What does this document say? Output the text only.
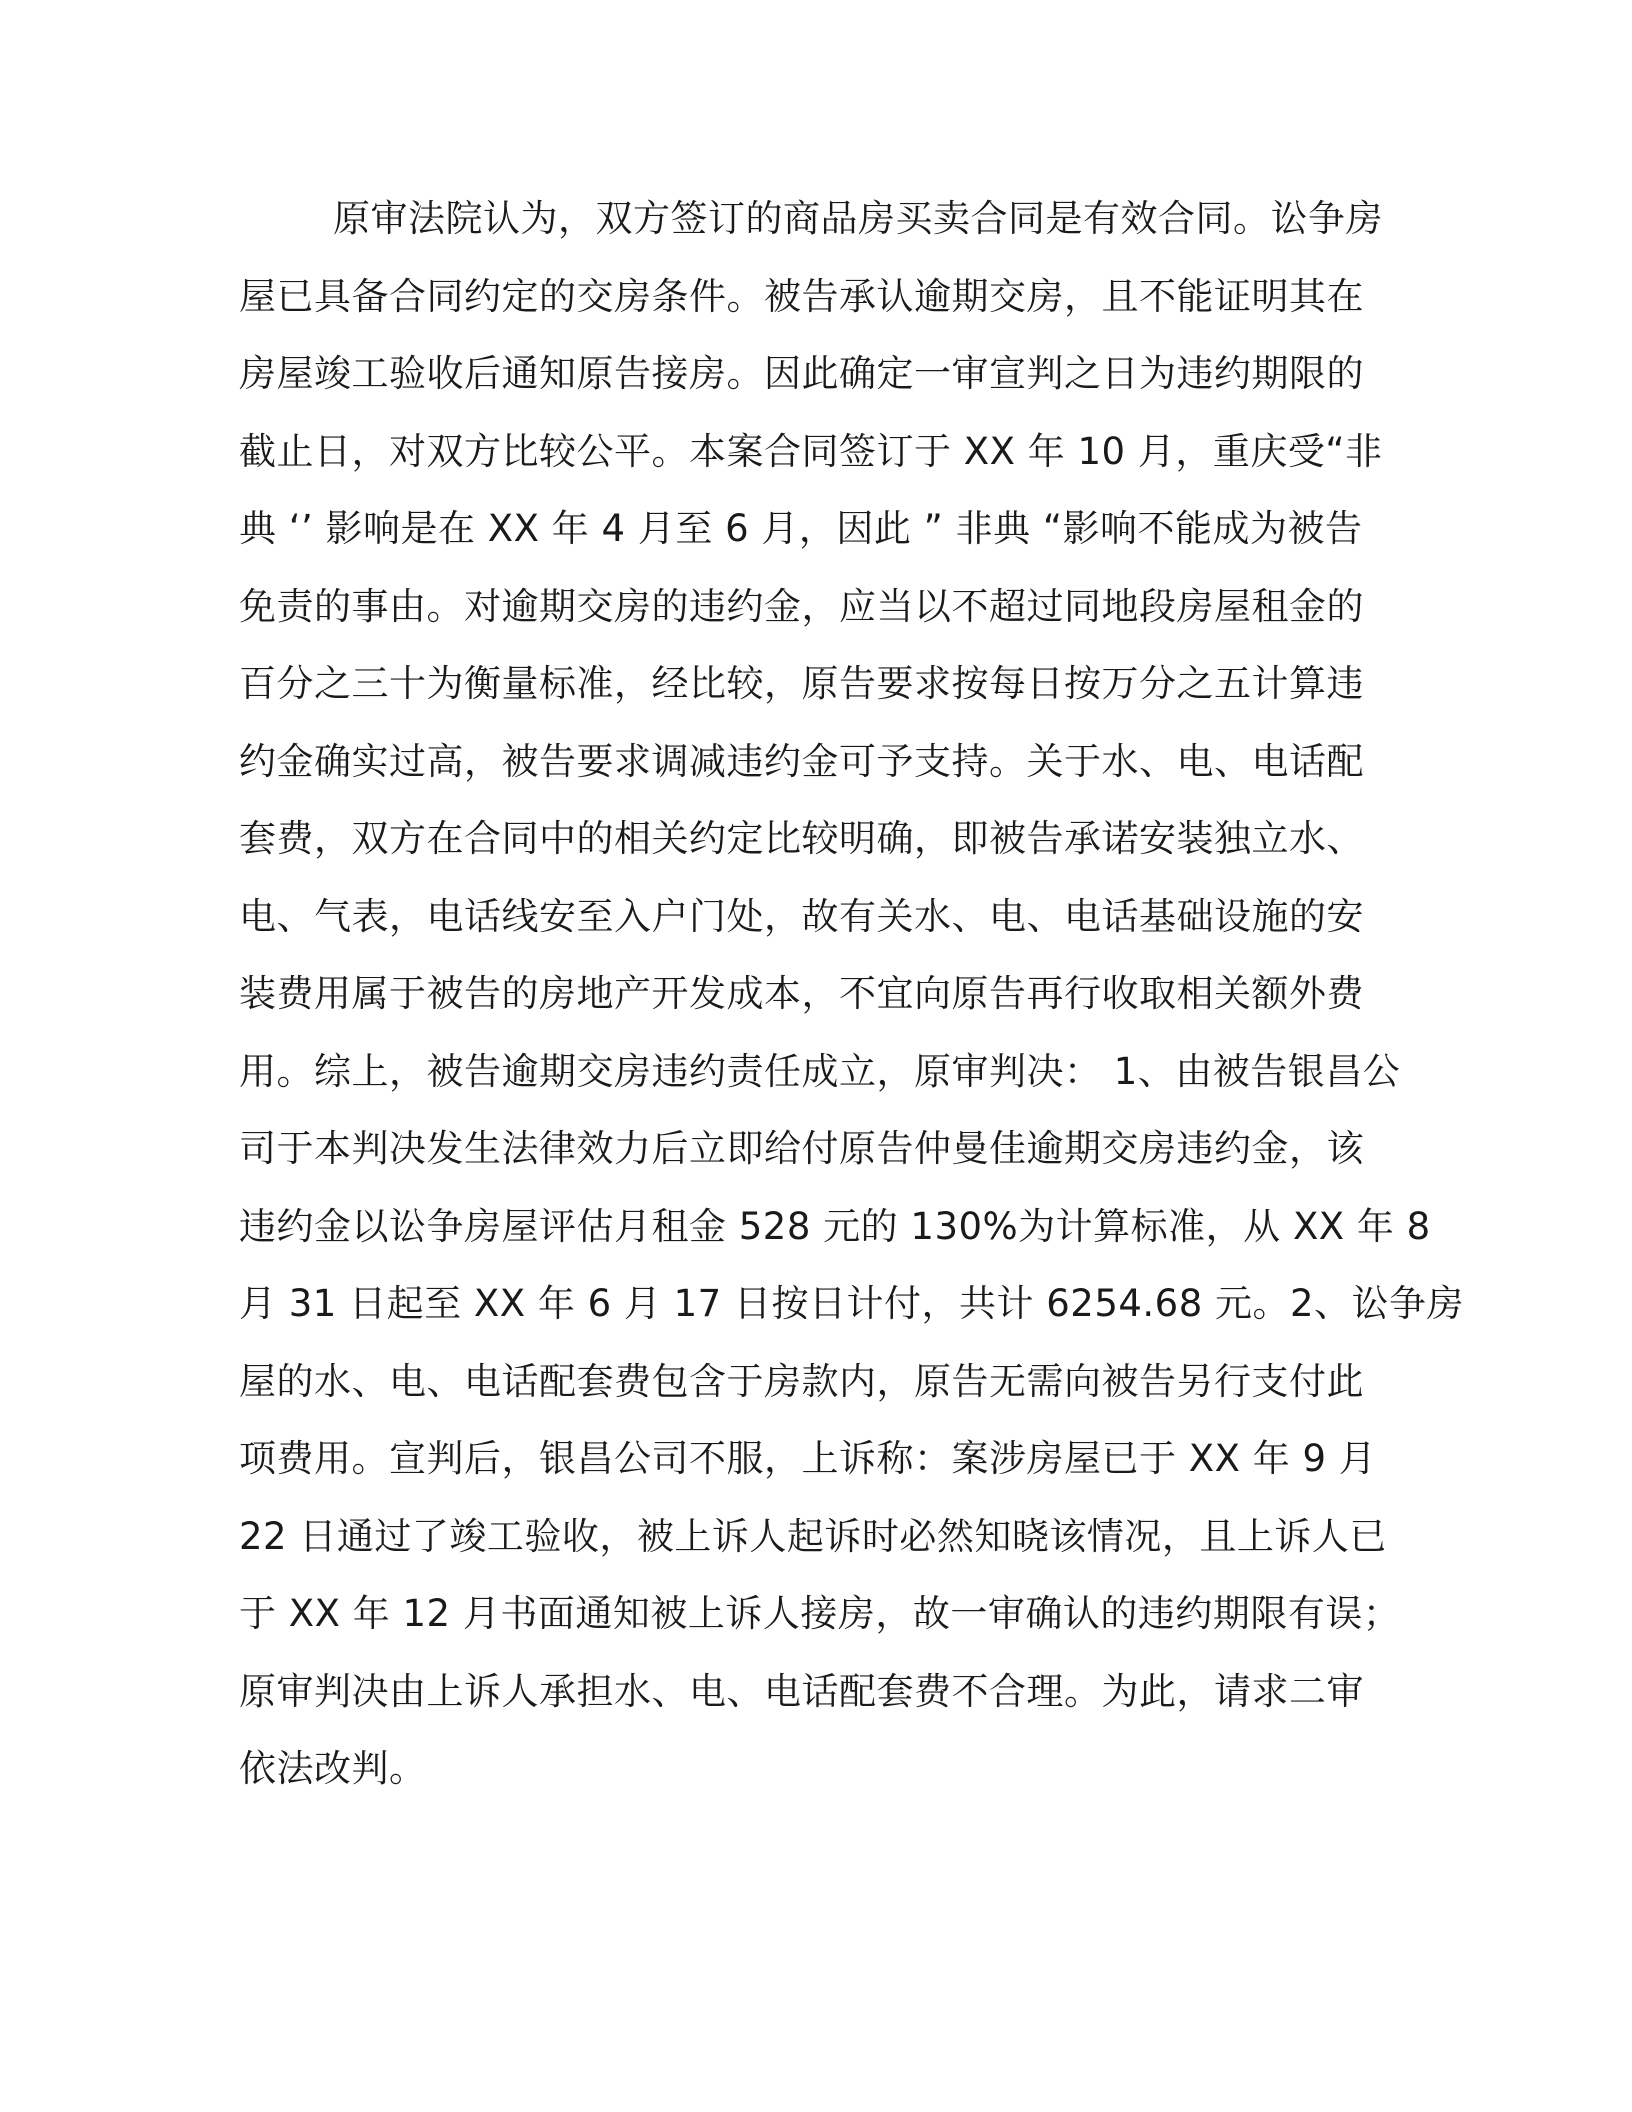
原审法院认为，双方签订的商品房买卖合同是有效合同。讼争房
屋已具备合同约定的交房条件。被告承认逾期交房，且不能证明其在
房屋竣工验收后通知原告接房。因此确定一审宣判之日为违约期限的
截止日，对双方比较公平。本案合同签订于 XX 年 10 月，重庆受“非
典 ‘’ 影响是在 XX 年 4 月至 6 月，因此 ” 非典 “影响不能成为被告
免责的事由。对逾期交房的违约金，应当以不超过同地段房屋租金的
百分之三十为衡量标准，经比较，原告要求按每日按万分之五计算违
约金确实过高，被告要求调减违约金可予支持。关于水、电、电话配
套费，双方在合同中的相关约定比较明确，即被告承诺安装独立水、
电、气表，电话线安至入户门处，故有关水、电、电话基础设施的安
装费用属于被告的房地产开发成本，不宜向原告再行收取相关额外费
用。综上，被告逾期交房违约责任成立，原审判决： 1、由被告银昌公
司于本判决发生法律效力后立即给付原告仲曼佳逾期交房违约金，该
违约金以讼争房屋评估月租金 528 元的 130%为计算标准，从 XX 年 8
月 31 日起至 XX 年 6 月 17 日按日计付，共计 6254.68 元。2、讼争房
屋的水、电、电话配套费包含于房款内，原告无需向被告另行支付此
项费用。宣判后，银昌公司不服，上诉称：案涉房屋已于 XX 年 9 月
22 日通过了竣工验收，被上诉人起诉时必然知晓该情况，且上诉人已
于 XX 年 12 月书面通知被上诉人接房，故一审确认的违约期限有误；
原审判决由上诉人承担水、电、电话配套费不合理。为此，请求二审
依法改判。
